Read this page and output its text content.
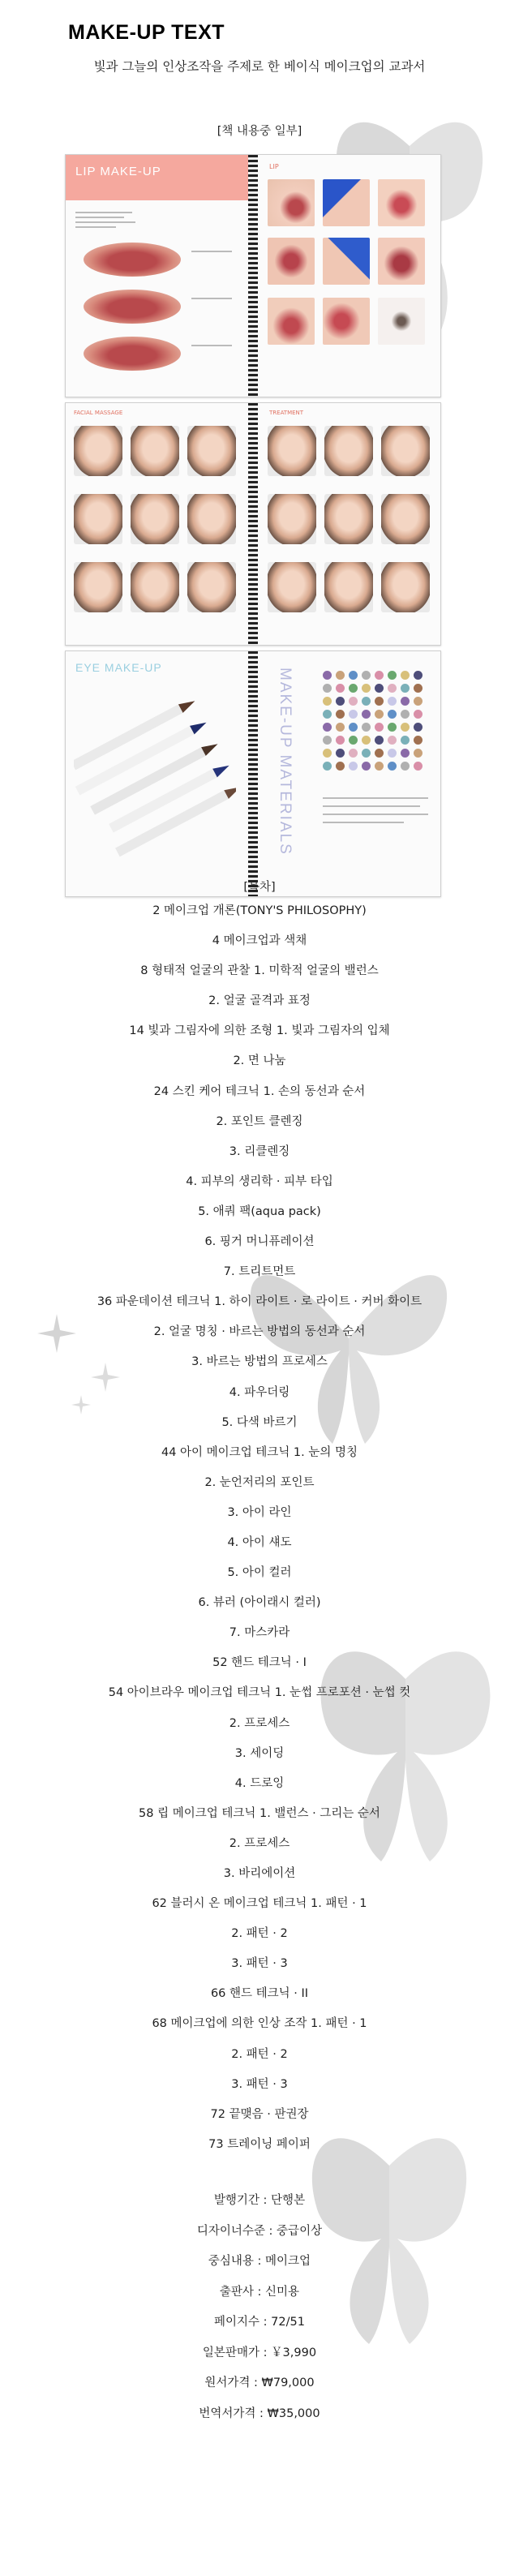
MAKE-UP TEXT
빛과 그늘의 인상조작을 주제로 한 베이식 메이크업의 교과서
[책 내용중 일부]
LIP MAKE-UP	LIP
FACIAL MASSAGE	TREATMENT
EYE MAKE-UP	MAKE-UP MATERIALS
[목차]
2 메이크업 개론(TONY'S PHILOSOPHY)
4 메이크업과 색채
8 형태적 얼굴의 관찰 1. 미학적 얼굴의 밸런스
2. 얼굴 골격과 표정
14 빛과 그림자에 의한 조형 1. 빛과 그림자의 입체
2. 면 나눔
24 스킨 케어 테크닉 1. 손의 동선과 순서
2. 포인트 클렌징
3. 리클렌징
4. 피부의 생리학 · 피부 타입
5. 애쿼 팩(aqua pack)
6. 핑거 머니퓨레이션
7. 트리트먼트
36 파운데이션 테크닉 1. 하이 라이트 · 로 라이트 · 커버 화이트
2. 얼굴 명칭 · 바르는 방법의 동선과 순서
3. 바르는 방법의 프로세스
4. 파우더링
5. 다색 바르기
44 아이 메이크업 테크닉 1. 눈의 명칭
2. 눈언저리의 포인트
3. 아이 라인
4. 아이 섀도
5. 아이 컬러
6. 뷰러 (아이래시 컬러)
7. 마스카라
52 핸드 테크닉 · I
54 아이브라우 메이크업 테크닉 1. 눈썹 프로포션 · 눈썹 컷
2. 프로세스
3. 세이딩
4. 드로잉
58 립 메이크업 테크닉 1. 밸런스 · 그리는 순서
2. 프로세스
3. 바리에이션
62 블러시 온 메이크업 테크닉 1. 패턴 · 1
2. 패턴 · 2
3. 패턴 · 3
66 핸드 테크닉 · II
68 메이크업에 의한 인상 조작 1. 패턴 · 1
2. 패턴 · 2
3. 패턴 · 3
72 끝맺음 · 판권장
73 트레이닝 페이퍼
발행기간 : 단행본
디자이너수준 : 중급이상
중심내용 : 메이크업
출판사 : 신미용
페이지수 : 72/51
일본판매가 : ￥3,990
원서가격 : ₩79,000
번역서가격 : ₩35,000
